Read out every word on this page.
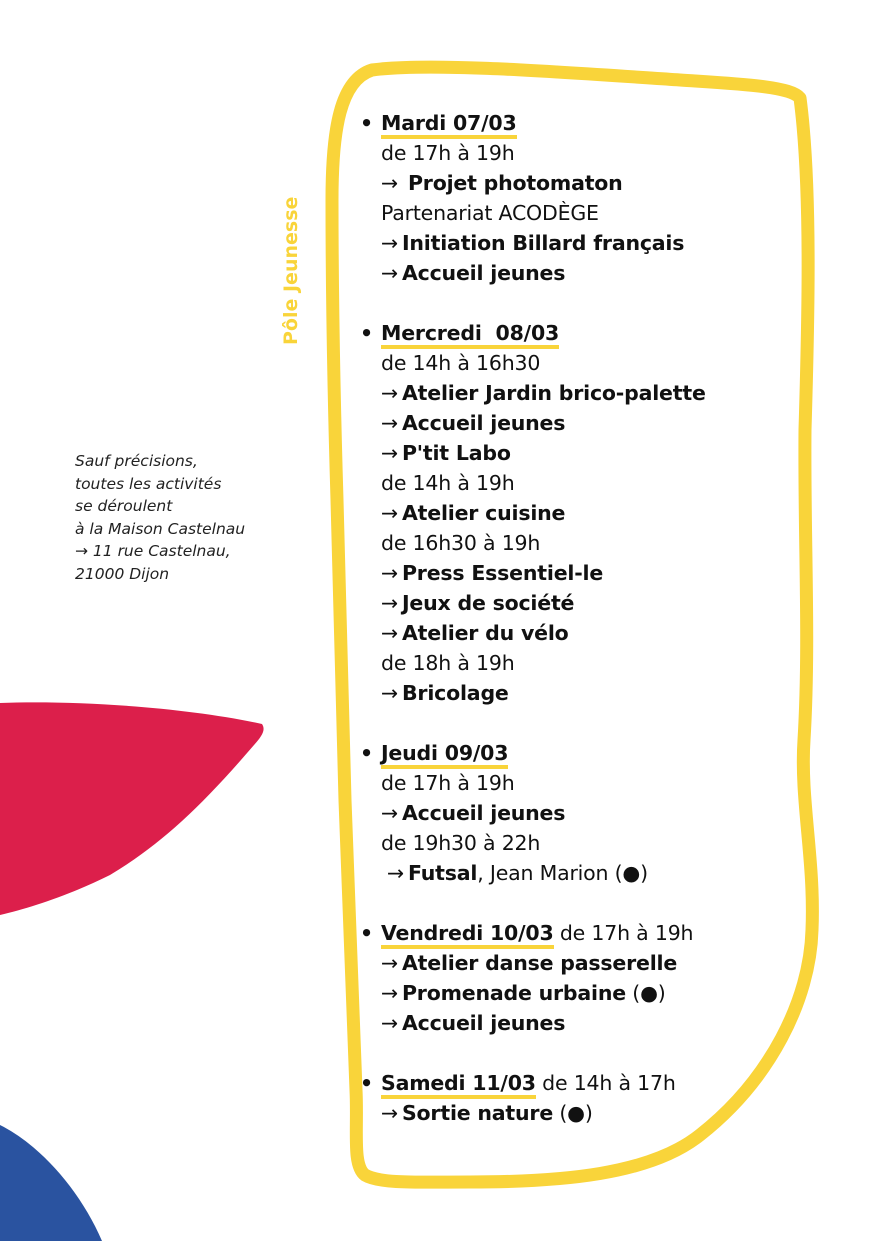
Pôle Jeunesse
Sauf précisions,
toutes les activités
se déroulent
à la Maison Castelnau
→ 11 rue Castelnau,
21000 Dijon
• Mardi 07/03
de 17h à 19h
→ Projet photomaton
Partenariat ACODÈGE
→ Initiation Billard français
→ Accueil jeunes
• Mercredi  08/03
de 14h à 16h30
→ Atelier Jardin brico-palette
→ Accueil jeunes
→ P'tit Labo
de 14h à 19h
→ Atelier cuisine
de 16h30 à 19h
→ Press Essentiel-le
→ Jeux de société
→ Atelier du vélo
de 18h à 19h
→ Bricolage
• Jeudi 09/03
de 17h à 19h
→ Accueil jeunes
de 19h30 à 22h
→ Futsal, Jean Marion (●)
• Vendredi 10/03 de 17h à 19h
→ Atelier danse passerelle
→ Promenade urbaine (●)
→ Accueil jeunes
• Samedi 11/03 de 14h à 17h
→ Sortie nature (●)
